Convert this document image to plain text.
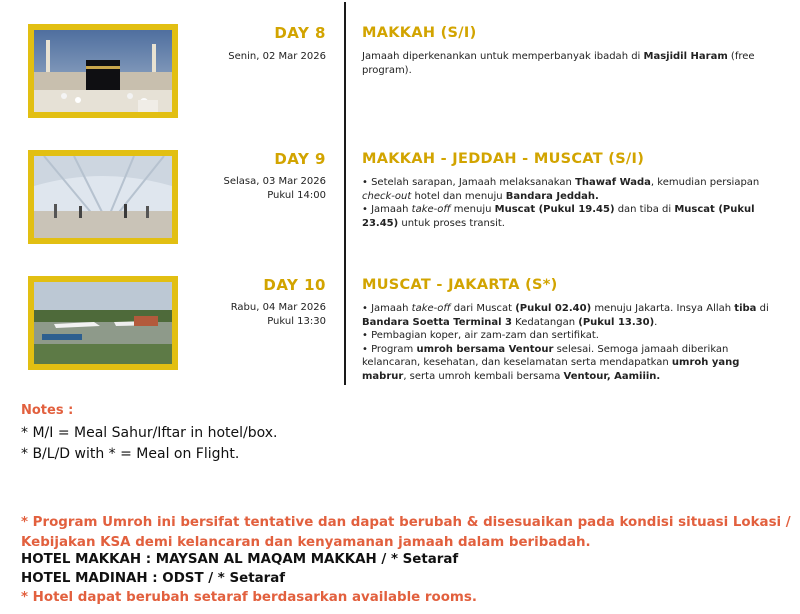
DAY 8
Senin, 02 Mar 2026
MAKKAH (S/I)

Jamaah diperkenankan untuk memperbanyak ibadah di Masjidil Haram (free program).

DAY 9
Selasa, 03 Mar 2026
Pukul 14:00
MAKKAH - JEDDAH - MUSCAT (S/I)

• Setelah sarapan, Jamaah melaksanakan Thawaf Wada, kemudian persiapan check-out hotel dan menuju Bandara Jeddah.

• Jamaah take-off menuju Muscat (Pukul 19.45) dan tiba di Muscat (Pukul 23.45) untuk proses transit.

DAY 10
Rabu, 04 Mar 2026
Pukul 13:30
MUSCAT - JAKARTA (S*)

• Jamaah take-off dari Muscat (Pukul 02.40) menuju Jakarta. Insya Allah tiba di Bandara Soetta Terminal 3 Kedatangan (Pukul 13.30).

• Pembagian koper, air zam-zam dan sertifikat.

• Program umroh bersama Ventour selesai. Semoga jamaah diberikan kelancaran, kesehatan, dan keselamatan serta mendapatkan umroh yang mabrur, serta umroh kembali bersama Ventour, Aamiiin.

Notes :
* M/I = Meal Sahur/Iftar in hotel/box.
* B/L/D with * = Meal on Flight.
* Program Umroh ini bersifat tentative dan dapat berubah & disesuaikan pada kondisi situasi Lokasi / Kebijakan KSA demi kelancaran dan kenyamanan jamaah dalam beribadah.
HOTEL MAKKAH : MAYSAN AL MAQAM MAKKAH / * Setaraf
HOTEL MADINAH : ODST / * Setaraf
* Hotel dapat berubah setaraf berdasarkan available rooms.
